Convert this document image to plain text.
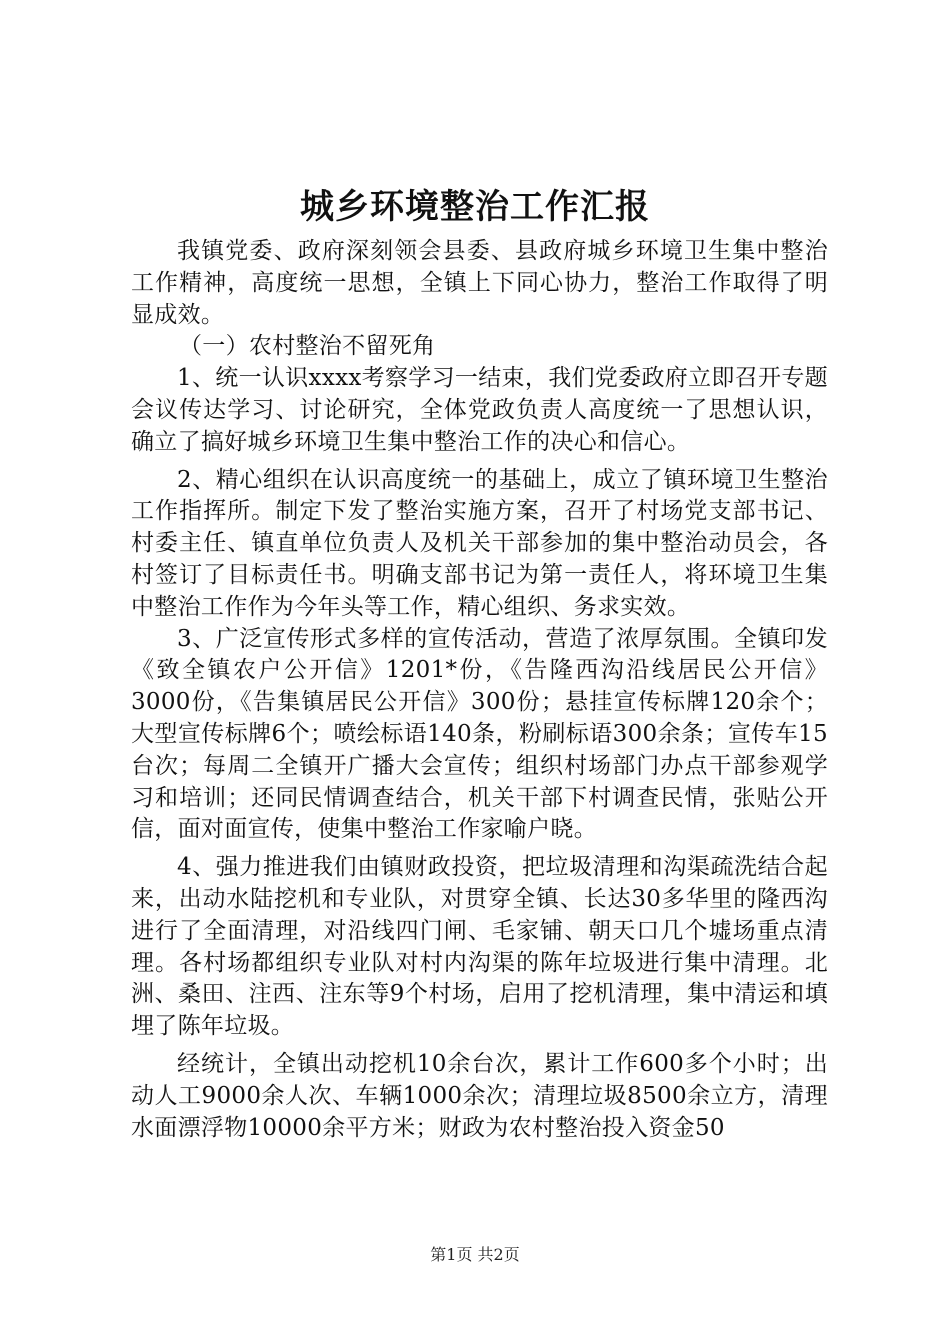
城乡环境整治工作汇报

我镇党委、政府深刻领会县委、县政府城乡环境卫生集中整治工作精神，高度统一思想，全镇上下同心协力，整治工作取得了明显成效。

（一）农村整治不留死角

1、统一认识xxxx考察学习一结束，我们党委政府立即召开专题会议传达学习、讨论研究，全体党政负责人高度统一了思想认识，确立了搞好城乡环境卫生集中整治工作的决心和信心。

2、精心组织在认识高度统一的基础上，成立了镇环境卫生整治工作指挥所。制定下发了整治实施方案，召开了村场党支部书记、村委主任、镇直单位负责人及机关干部参加的集中整治动员会，各村签订了目标责任书。明确支部书记为第一责任人，将环境卫生集中整治工作作为今年头等工作，精心组织、务求实效。

3、广泛宣传形式多样的宣传活动，营造了浓厚氛围。全镇印发《致全镇农户公开信》1201*份，《告隆西沟沿线居民公开信》3000份，《告集镇居民公开信》300份；悬挂宣传标牌120余个；大型宣传标牌6个；喷绘标语140条，粉刷标语300余条；宣传车15台次；每周二全镇开广播大会宣传；组织村场部门办点干部参观学习和培训；还同民情调查结合，机关干部下村调查民情，张贴公开信，面对面宣传，使集中整治工作家喻户晓。

4、强力推进我们由镇财政投资，把垃圾清理和沟渠疏洗结合起来，出动水陆挖机和专业队，对贯穿全镇、长达30多华里的隆西沟进行了全面清理，对沿线四门闸、毛家铺、朝天口几个墟场重点清理。各村场都组织专业队对村内沟渠的陈年垃圾进行集中清理。北洲、桑田、注西、注东等9个村场，启用了挖机清理，集中清运和填埋了陈年垃圾。

经统计，全镇出动挖机10余台次，累计工作600多个小时；出动人工9000余人次、车辆1000余次；清理垃圾8500余立方，清理水面漂浮物10000余平方米；财政为农村整治投入资金50

第1页 共2页
